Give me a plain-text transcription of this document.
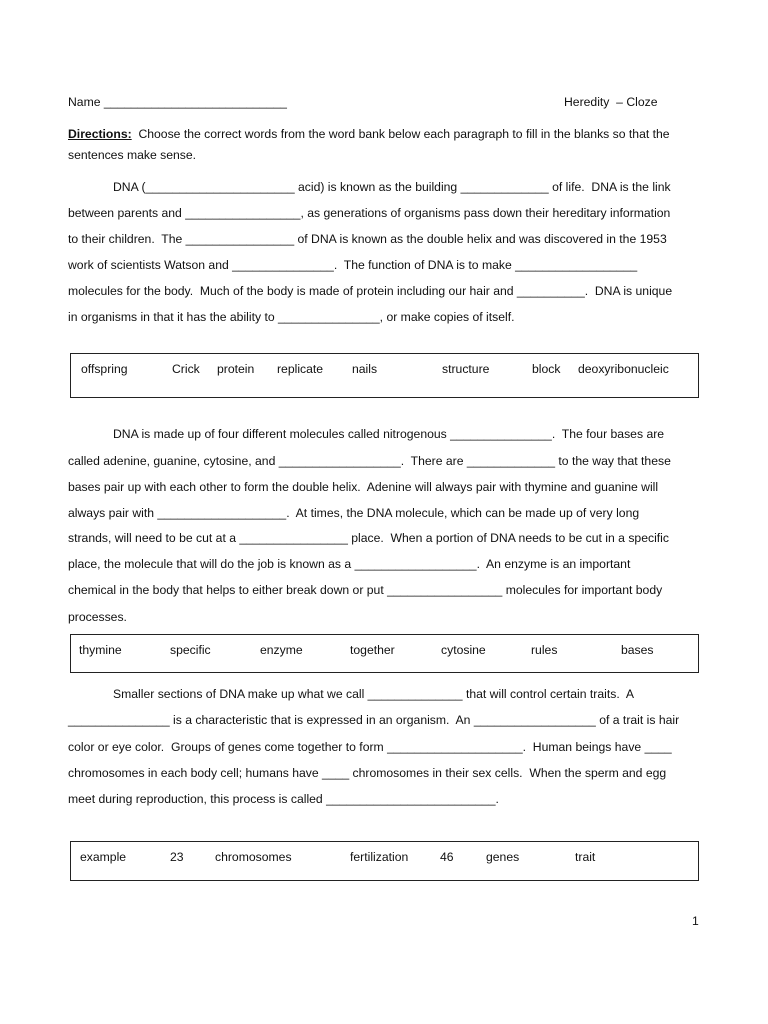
Name ___________________________	Heredity  – Cloze
Directions:  Choose the correct words from the word bank below each paragraph to fill in the blanks so that the
sentences make sense.
DNA (______________________ acid) is known as the building _____________ of life.  DNA is the link
between parents and _________________, as generations of organisms pass down their hereditary information
to their children.  The ________________ of DNA is known as the double helix and was discovered in the 1953
work of scientists Watson and _______________.  The function of DNA is to make __________________
molecules for the body.  Much of the body is made of protein including our hair and __________.  DNA is unique
in organisms in that it has the ability to _______________, or make copies of itself.
offspring	Crick protein replicate nails	structure	block deoxyribonucleic
DNA is made up of four different molecules called nitrogenous _______________.  The four bases are
called adenine, guanine, cytosine, and __________________.  There are _____________ to the way that these
bases pair up with each other to form the double helix.  Adenine will always pair with thymine and guanine will
always pair with ___________________.  At times, the DNA molecule, which can be made up of very long
strands, will need to be cut at a ________________ place.  When a portion of DNA needs to be cut in a specific
place, the molecule that will do the job is known as a __________________.  An enzyme is an important
chemical in the body that helps to either break down or put _________________ molecules for important body
processes.
thymine	specific	enzyme	together	cytosine	rules	bases
Smaller sections of DNA make up what we call ______________ that will control certain traits.  A
_______________ is a characteristic that is expressed in an organism.  An __________________ of a trait is hair
color or eye color.  Groups of genes come together to form ____________________.  Human beings have ____
chromosomes in each body cell; humans have ____ chromosomes in their sex cells.  When the sperm and egg
meet during reproduction, this process is called _________________________.
example	23	chromosomes	fertilization	46	genes	trait
1
